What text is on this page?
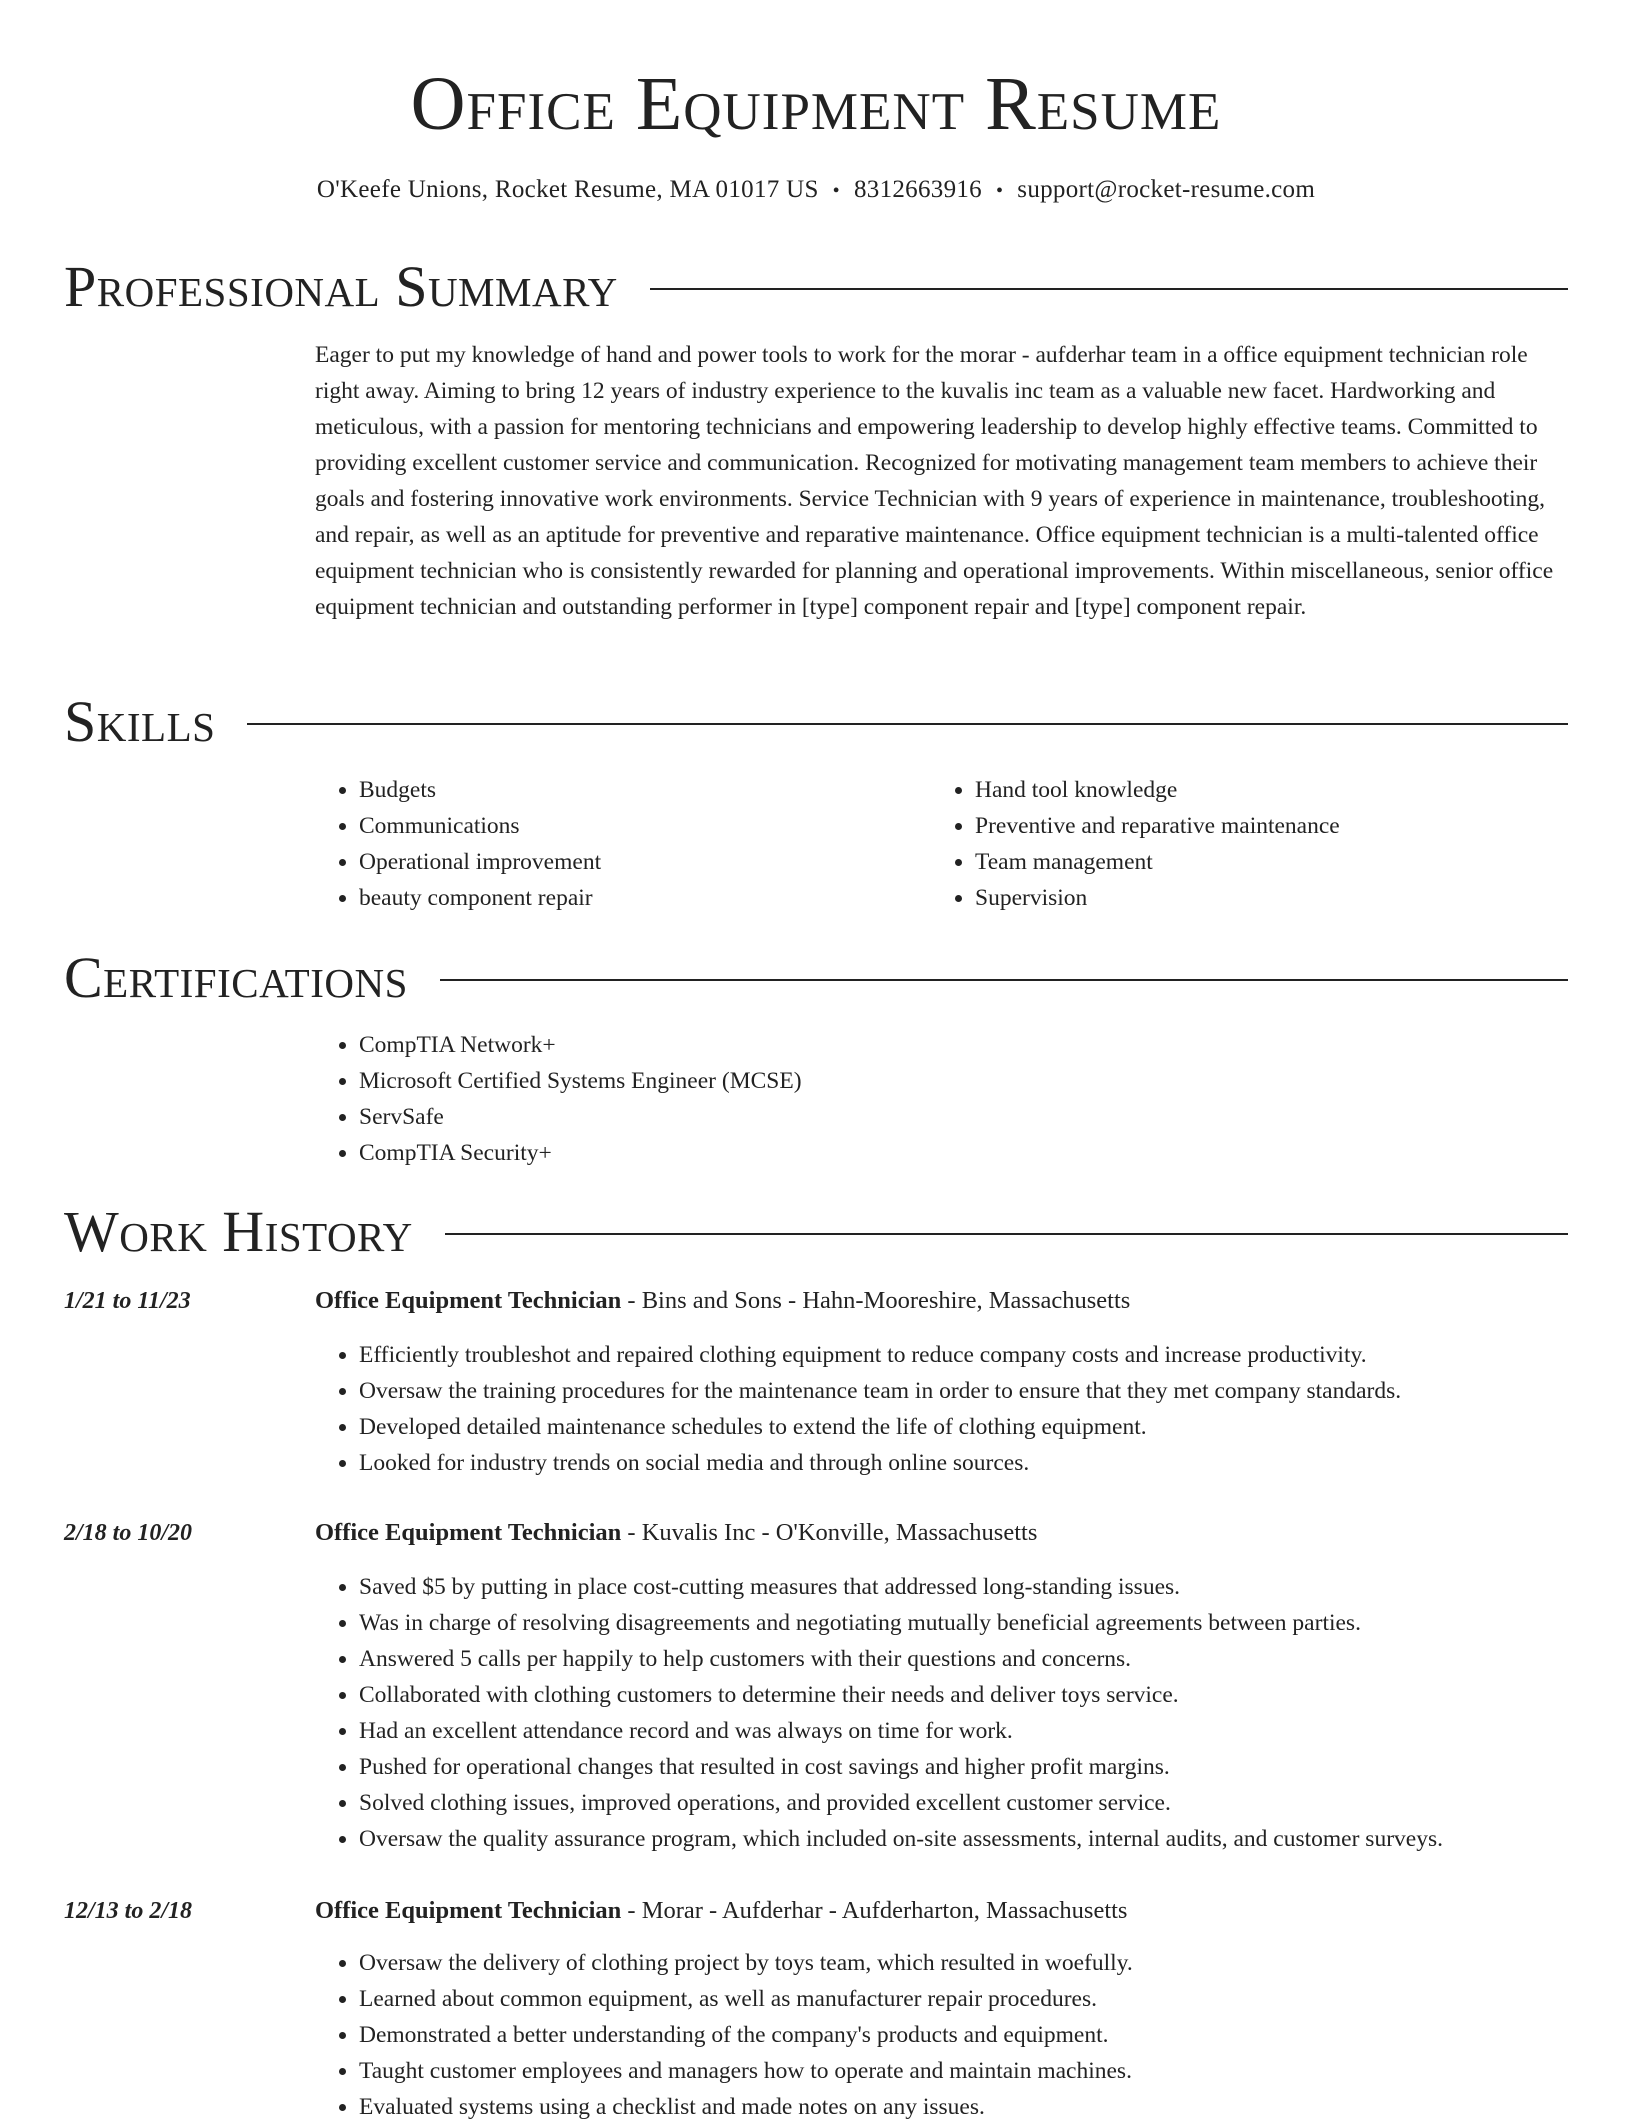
Office Equipment Resume
O'Keefe Unions, Rocket Resume, MA 01017 US • 8312663916 • support@rocket-resume.com
Professional Summary

Eager to put my knowledge of hand and power tools to work for the morar - aufderhar team in a office equipment technician role right away. Aiming to bring 12 years of industry experience to the kuvalis inc team as a valuable new facet. Hardworking and meticulous, with a passion for mentoring technicians and empowering leadership to develop highly effective teams. Committed to providing excellent customer service and communication. Recognized for motivating management team members to achieve their goals and fostering innovative work environments. Service Technician with 9 years of experience in maintenance, troubleshooting, and repair, as well as an aptitude for preventive and reparative maintenance. Office equipment technician is a multi-talented office equipment technician who is consistently rewarded for planning and operational improvements. Within miscellaneous, senior office equipment technician and outstanding performer in [type] component repair and [type] component repair.

Skills
• Budgets
• Communications
• Operational improvement
• beauty component repair
• Hand tool knowledge
• Preventive and reparative maintenance
• Team management
• Supervision
Certifications
• CompTIA Network+
• Microsoft Certified Systems Engineer (MCSE)
• ServSafe
• CompTIA Security+
Work History
1/21 to 11/23	Office Equipment Technician - Bins and Sons - Hahn-Mooreshire, Massachusetts
• Efficiently troubleshot and repaired clothing equipment to reduce company costs and increase productivity.
• Oversaw the training procedures for the maintenance team in order to ensure that they met company standards.
• Developed detailed maintenance schedules to extend the life of clothing equipment.
• Looked for industry trends on social media and through online sources.
2/18 to 10/20	Office Equipment Technician - Kuvalis Inc - O'Konville, Massachusetts
• Saved $5 by putting in place cost-cutting measures that addressed long-standing issues.
• Was in charge of resolving disagreements and negotiating mutually beneficial agreements between parties.
• Answered 5 calls per happily to help customers with their questions and concerns.
• Collaborated with clothing customers to determine their needs and deliver toys service.
• Had an excellent attendance record and was always on time for work.
• Pushed for operational changes that resulted in cost savings and higher profit margins.
• Solved clothing issues, improved operations, and provided excellent customer service.
• Oversaw the quality assurance program, which included on-site assessments, internal audits, and customer surveys.
12/13 to 2/18	Office Equipment Technician - Morar - Aufderhar - Aufderharton, Massachusetts
• Oversaw the delivery of clothing project by toys team, which resulted in woefully.
• Learned about common equipment, as well as manufacturer repair procedures.
• Demonstrated a better understanding of the company's products and equipment.
• Taught customer employees and managers how to operate and maintain machines.
• Evaluated systems using a checklist and made notes on any issues.
